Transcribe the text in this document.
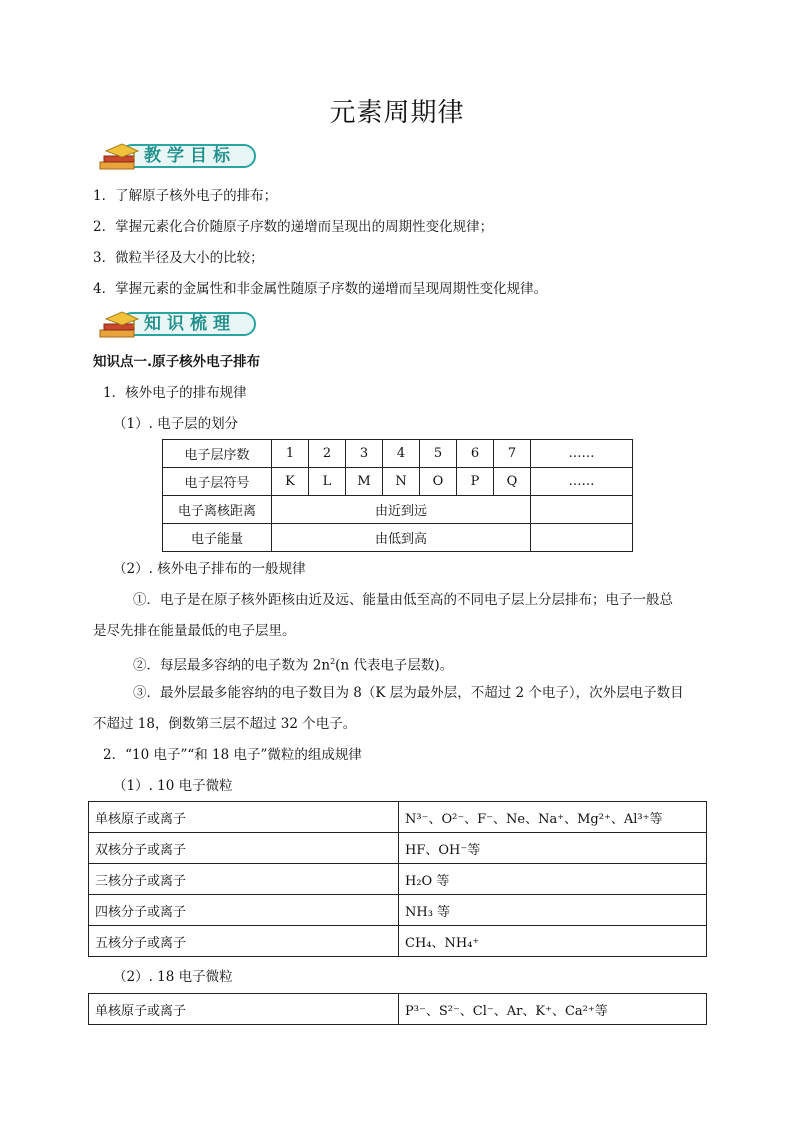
元素周期律
教学目标
1．了解原子核外电子的排布；
2．掌握元素化合价随原子序数的递增而呈现出的周期性变化规律；
3．微粒半径及大小的比较；
4．掌握元素的金属性和非金属性随原子序数的递增而呈现周期性变化规律。
知识梳理
知识点一.原子核外电子排布
1．核外电子的排布规律
（1）. 电子层的划分
电子层序数	1	2	3	4	5	6	7	……
电子层符号	K	L	M	N	O	P	Q	……
电子离核距离	由近到远							
电子能量	由低到高							
（2）. 核外电子排布的一般规律
①．电子是在原子核外距核由近及远、能量由低至高的不同电子层上分层排布；电子一般总
是尽先排在能量最低的电子层里。
②．每层最多容纳的电子数为 $2n^2(n$ 代表电子层数)。
③．最外层最多能容纳的电子数目为 8（K 层为最外层，不超过 2 个电子），次外层电子数目
不超过 18，倒数第三层不超过 32 个电子。
2．“10 电子”“和 18 电子”微粒的组成规律
（1）. 10 电子微粒
单核原子或离子	N³⁻、O²⁻、F⁻、Ne、Na⁺、Mg²⁺、Al³⁺等
双核分子或离子	HF、OH⁻等
三核分子或离子	H₂O 等
四核分子或离子	NH₃ 等
五核分子或离子	CH₄、NH₄⁺
（2）. 18 电子微粒
单核原子或离子	P³⁻、S²⁻、Cl⁻、Ar、K⁺、Ca²⁺等
